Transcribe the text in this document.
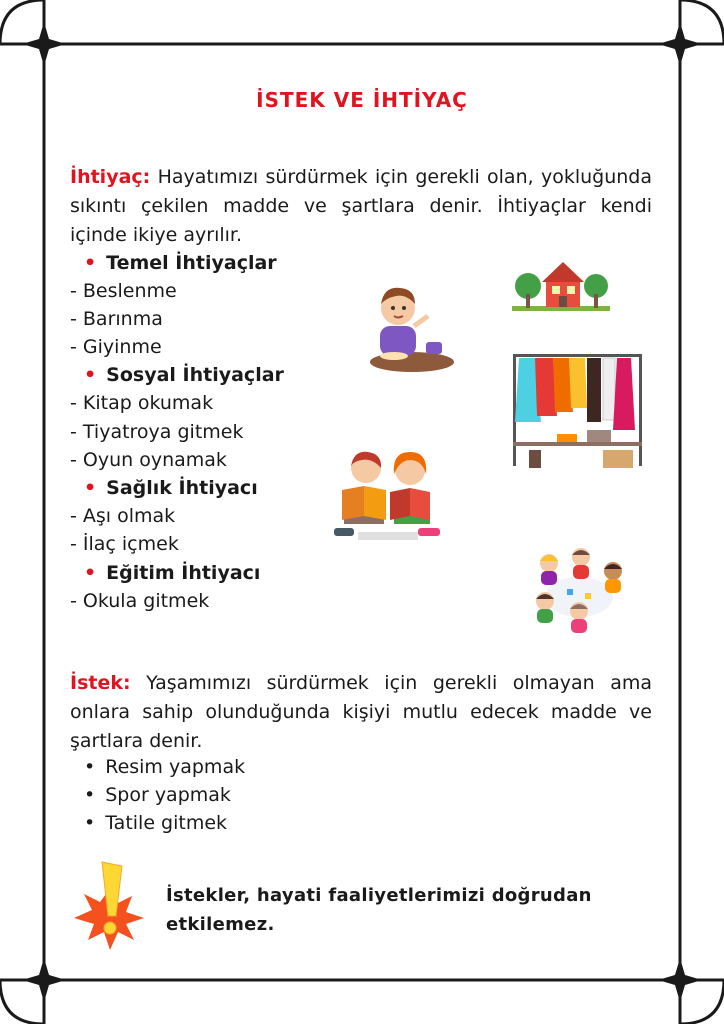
İSTEK VE İHTİYAÇ

İhtiyaç: Hayatımızı sürdürmek için gerekli olan, yokluğunda sıkıntı çekilen madde ve şartlara denir. İhtiyaçlar kendi içinde ikiye ayrılır.

• Temel İhtiyaçlar
- Beslenme
- Barınma
- Giyinme
• Sosyal İhtiyaçlar
- Kitap okumak
- Tiyatroya gitmek
- Oyun oynamak
• Sağlık İhtiyacı
- Aşı olmak
- İlaç içmek
• Eğitim İhtiyacı
- Okula gitmek

İstek: Yaşamımızı sürdürmek için gerekli olmayan ama onlara sahip olunduğunda kişiyi mutlu edecek madde ve şartlara denir.

• Resim yapmak
• Spor yapmak
• Tatile gitmek

İstekler, hayati faaliyetlerimizi doğrudan etkilemez.
